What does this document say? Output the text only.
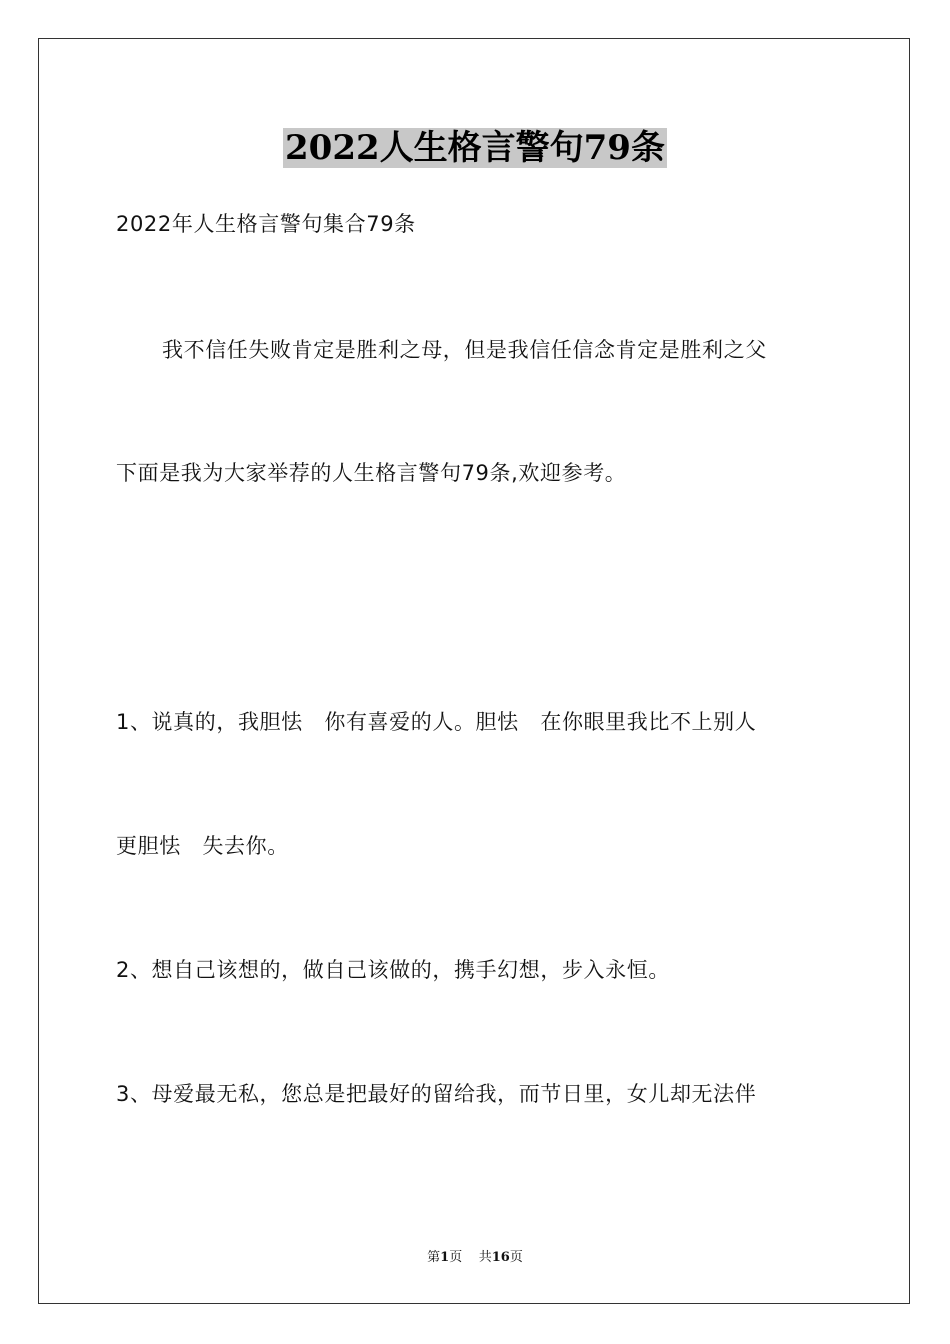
2022人生格言警句79条
2022年人生格言警句集合79条
我不信任失败肯定是胜利之母，但是我信任信念肯定是胜利之父
下面是我为大家举荐的人生格言警句79条,欢迎参考。
1、说真的，我胆怯　你有喜爱的人。胆怯　在你眼里我比不上别人
更胆怯　失去你。
2、想自己该想的，做自己该做的，携手幻想，步入永恒。
3、母爱最无私，您总是把最好的留给我，而节日里，女儿却无法伴
第1页 共16页
